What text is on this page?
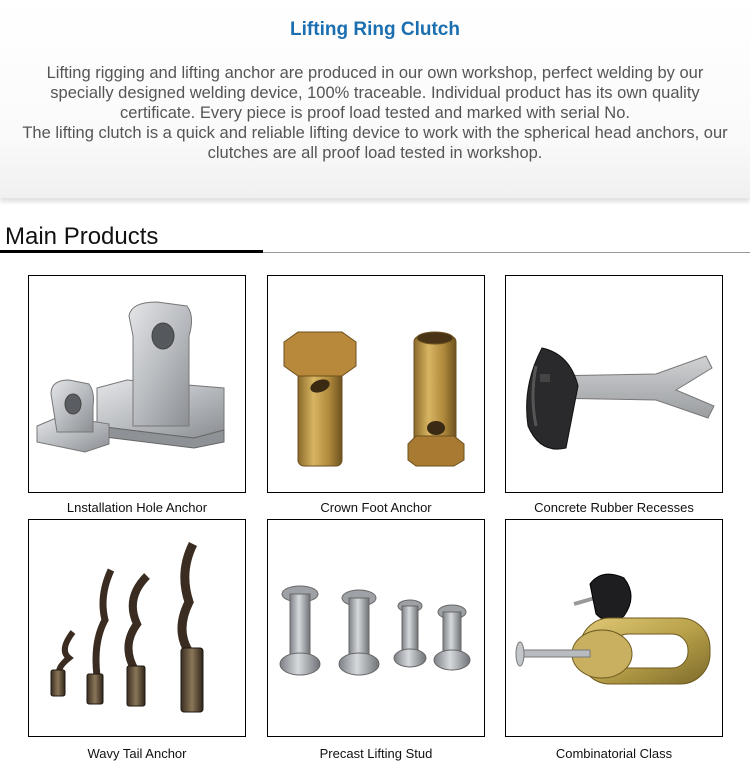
Lifting Ring Clutch

Lifting rigging and lifting anchor are produced in our own workshop, perfect welding by our specially designed welding device, 100% traceable. Individual product has its own quality certificate. Every piece is proof load tested and marked with serial No.

The lifting clutch is a quick and reliable lifting device to work with the spherical head anchors, our clutches are all proof load tested in workshop.

Main Products
Lnstallation Hole Anchor	Crown Foot Anchor	Concrete Rubber Recesses
Wavy Tail Anchor	Precast Lifting Stud	Combinatorial Class
